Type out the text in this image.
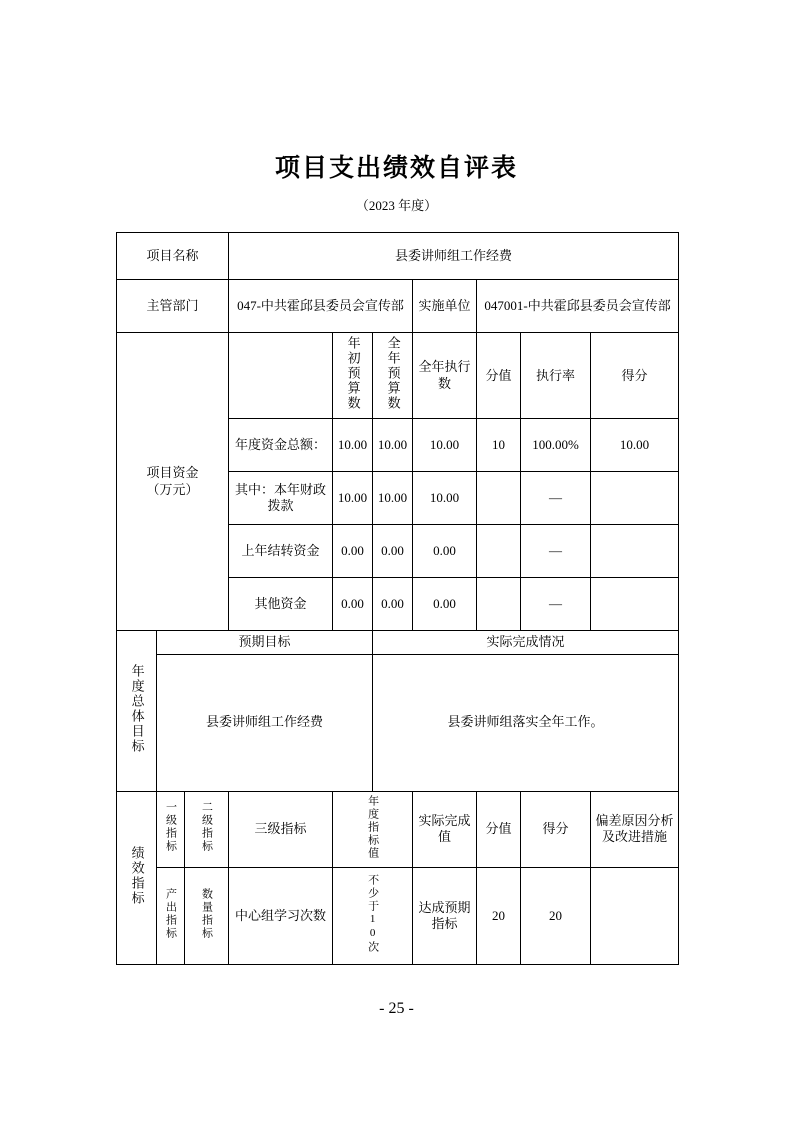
项目支出绩效自评表
（2023 年度）
项目名称			县委讲师组工作经费						
主管部门			047-中共霍邱县委员会宣传部			实施单位	047001-中共霍邱县委员会宣传部		

项目资金
（万元）				年初预算数	全年预算数	全年执行数	分值	执行率	得分
			年度资金总额：	10.00	10.00	10.00	10	100.00%	10.00
			其中：本年财政拨款	10.00	10.00	10.00		—	
			上年结转资金	0.00	0.00	0.00		—	
			其他资金	0.00	0.00	0.00		—	
年度总体目标	预期目标				实际完成情况				
	县委讲师组工作经费				县委讲师组落实全年工作。				
绩效指标	一级指标	二级指标	三级指标	年度指标值		实际完成值	分值	得分	偏差原因分析及改进措施
	产出指标	数量指标	中心组学习次数	不少于10次		达成预期指标	20	20	
- 25 -
